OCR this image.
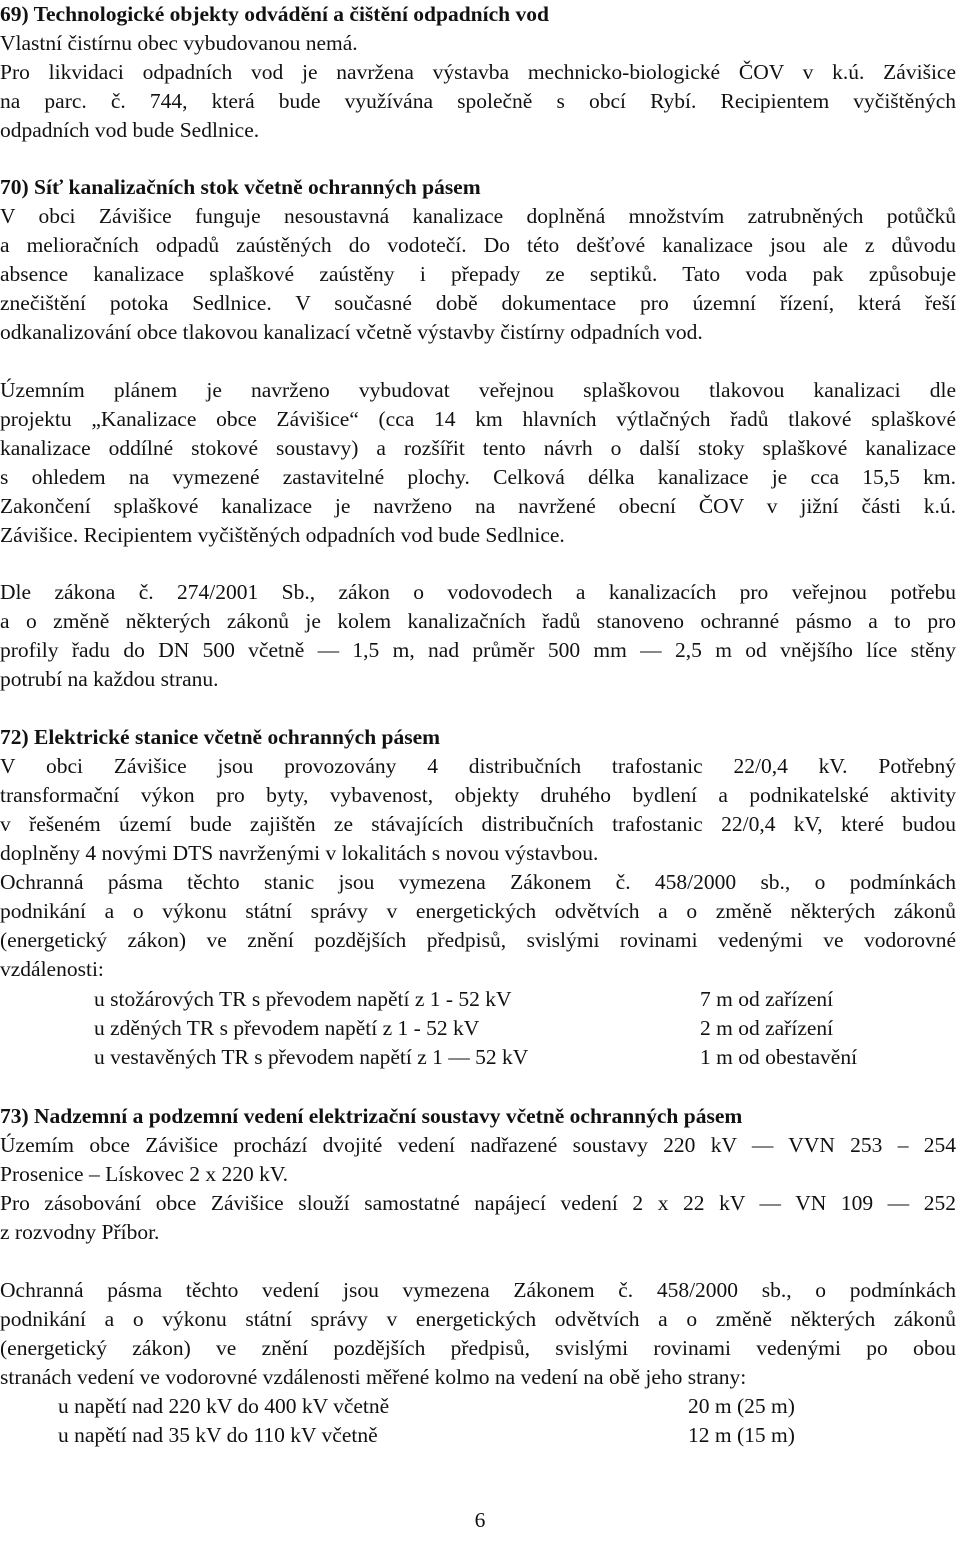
69) Technologické objekty odvádění a čištění odpadních vod
Vlastní čistírnu obec vybudovanou nemá.
Pro likvidaci odpadních vod je navržena výstavba mechnicko-biologické ČOV v k.ú. Závišice
na parc. č. 744, která bude využívána společně s obcí Rybí. Recipientem vyčištěných
odpadních vod bude Sedlnice.
70) Síť kanalizačních stok včetně ochranných pásem
V obci Závišice funguje nesoustavná kanalizace doplněná množstvím zatrubněných potůčků
a melioračních odpadů zaústěných do vodotečí. Do této dešťové kanalizace jsou ale z důvodu
absence kanalizace splaškové zaústěny i přepady ze septiků. Tato voda pak způsobuje
znečištění potoka Sedlnice. V současné době dokumentace pro územní řízení, která řeší
odkanalizování obce tlakovou kanalizací včetně výstavby čistírny odpadních vod.
Územním plánem je navrženo vybudovat veřejnou splaškovou tlakovou kanalizaci dle
projektu „Kanalizace obce Závišice“ (cca 14 km hlavních výtlačných řadů tlakové splaškové
kanalizace oddílné stokové soustavy) a rozšířit tento návrh o další stoky splaškové kanalizace
s ohledem na vymezené zastavitelné plochy. Celková délka kanalizace je cca 15,5 km.
Zakončení splaškové kanalizace je navrženo na navržené obecní ČOV v jižní části k.ú.
Závišice. Recipientem vyčištěných odpadních vod bude Sedlnice.
Dle zákona č. 274/2001 Sb., zákon o vodovodech a kanalizacích pro veřejnou potřebu
a o změně některých zákonů je kolem kanalizačních řadů stanoveno ochranné pásmo a to pro
profily řadu do DN 500 včetně — 1,5 m, nad průměr 500 mm — 2,5 m od vnějšího líce stěny
potrubí na každou stranu.
72) Elektrické stanice včetně ochranných pásem
V obci Závišice jsou provozovány 4 distribučních trafostanic 22/0,4 kV. Potřebný
transformační výkon pro byty, vybavenost, objekty druhého bydlení a podnikatelské aktivity
v řešeném území bude zajištěn ze stávajících distribučních trafostanic 22/0,4 kV, které budou
doplněny 4 novými DTS navrženými v lokalitách s novou výstavbou.
Ochranná pásma těchto stanic jsou vymezena Zákonem č. 458/2000 sb., o podmínkách
podnikání a o výkonu státní správy v energetických odvětvích a o změně některých zákonů
(energetický zákon) ve znění pozdějších předpisů, svislými rovinami vedenými ve vodorovné
vzdálenosti:
u stožárových TR s převodem napětí z 1 - 52 kV	7 m od zařízení
u zděných TR s převodem napětí z 1 - 52 kV	2 m od zařízení
u vestavěných TR s převodem napětí z 1 — 52 kV	1 m od obestavění
73) Nadzemní a podzemní vedení elektrizační soustavy včetně ochranných pásem
Územím obce Závišice prochází dvojité vedení nadřazené soustavy 220 kV — VVN 253 – 254
Prosenice – Lískovec 2 x 220 kV.
Pro zásobování obce Závišice slouží samostatné napájecí vedení 2 x 22 kV — VN 109 — 252
z rozvodny Příbor.
Ochranná pásma těchto vedení jsou vymezena Zákonem č. 458/2000 sb., o podmínkách
podnikání a o výkonu státní správy v energetických odvětvích a o změně některých zákonů
(energetický zákon) ve znění pozdějších předpisů, svislými rovinami vedenými po obou
stranách vedení ve vodorovné vzdálenosti měřené kolmo na vedení na obě jeho strany:
u napětí nad 220 kV do 400 kV včetně	20 m (25 m)
u napětí nad 35 kV do 110 kV včetně	12 m (15 m)
6
